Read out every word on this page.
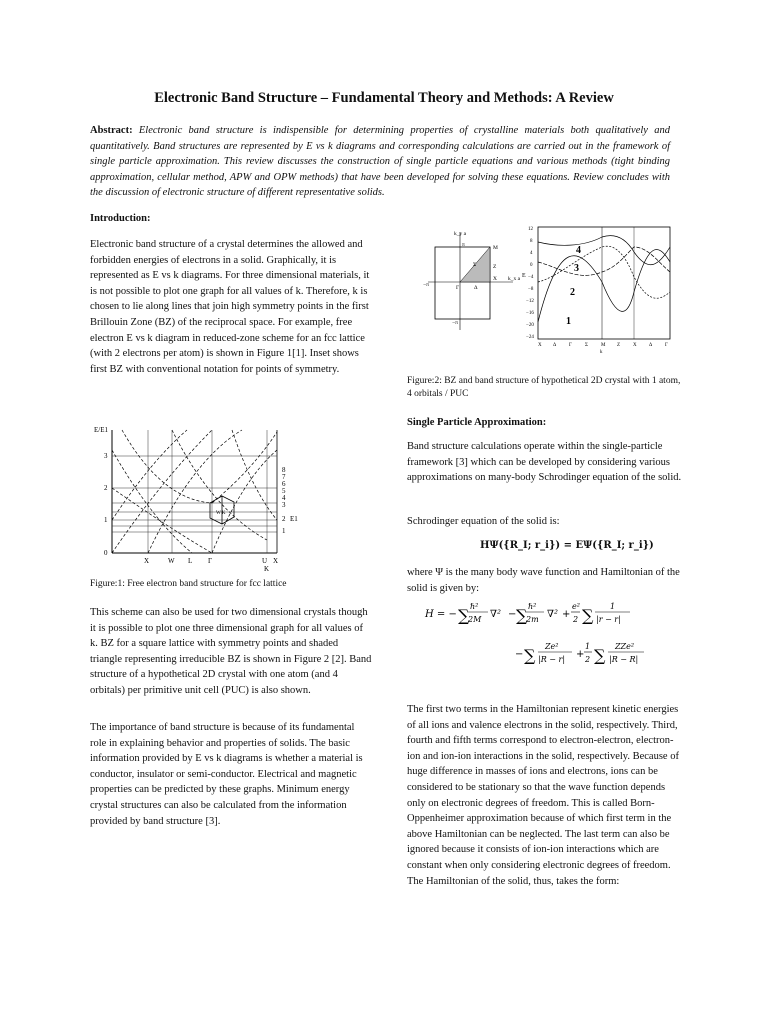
Electronic Band Structure – Fundamental Theory and Methods: A Review
Abstract: Electronic band structure is indispensible for determining properties of crystalline materials both qualitatively and quantitatively. Band structures are represented by E vs k diagrams and corresponding calculations are carried out in the framework of single particle approximation. This review discusses the construction of single particle equations and various methods (tight binding approximation, cellular method, APW and OPW methods) that have been developed for solving these equations. Review concludes with the discussion of electronic structure of different representative solids.
Introduction:

Electronic band structure of a crystal determines the allowed and forbidden energies of electrons in a solid. Graphically, it is represented as E vs k diagrams. For three dimensional materials, it is not possible to plot one graph for all values of k. Therefore, k is chosen to lie along lines that join high symmetry points in the first Brillouin Zone (BZ) of the reciprocal space. For example, free electron E vs k diagram in reduced-zone scheme for an fcc lattice (with 2 electrons per atom) is shown in Figure 1[1]. Inset shows first BZ with conventional notation for points of symmetry.

E/E1
W K
3
2
1
0
X	W L Γ	U X
K
8
7
6
5
4
3
2
1
E1

Figure:1: Free electron band structure for fcc lattice

This scheme can also be used for two dimensional crystals though it is possible to plot one three dimensional graph for all values of k. BZ for a square lattice with symmetry points and shaded triangle representing irreducible BZ is shown in Figure 2 [2]. Band structure of a hypothetical 2D crystal with one atom (and 4 orbitals) per primitive unit cell (PUC) is also shown.

The importance of band structure is because of its fundamental role in explaining behavior and properties of solids. The basic information provided by E vs k diagrams is whether a material is conductor, insulator or semi-conductor. Electrical and magnetic properties can be predicted by these graphs. Minimum energy crystal structures can also be calculated from the information provided by band structure [3].

k_y a
k_x a
M
Z
X
Σ
Γ	Δ
π
−π
−π
E
12
8
4
0
−4
−8
−12
−16
−20
−24
X Δ	Γ	Σ	M Z	X Δ	Γ
k
4
3
2
1

Figure:2: BZ and band structure of hypothetical 2D crystal with 1 atom, 4 orbitals / PUC

Single Particle Approximation:

Band structure calculations operate within the single-particle framework [3] which can be developed by considering various approximations on many-body Schrodinger equation of the solid.

Schrodinger equation of the solid is:

HΨ({R_I; r_i}) = EΨ({R_I; r_i})

where Ψ is the many body wave function and Hamiltonian of the solid is given by:

H = − ∑ ℏ²
2M ∇² − ∑ ℏ²
2m ∇² +
e²
2 ∑ 1
|r − r|
− ∑ Ze²
|R − r| +
1
2 ∑ ZZe²
|R − R|

The first two terms in the Hamiltonian represent kinetic energies of all ions and valence electrons in the solid, respectively. Third, fourth and fifth terms correspond to electron-electron, electron-ion and ion-ion interactions in the solid, respectively. Because of huge difference in masses of ions and electrons, ions can be considered to be stationary so that the wave function depends only on electronic degrees of freedom. This is called Born-Oppenheimer approximation because of which first term in the above Hamiltonian can be neglected. The last term can also be ignored because it consists of ion-ion interactions which are constant when only considering electronic degrees of freedom. The Hamiltonian of the solid, thus, takes the form:
